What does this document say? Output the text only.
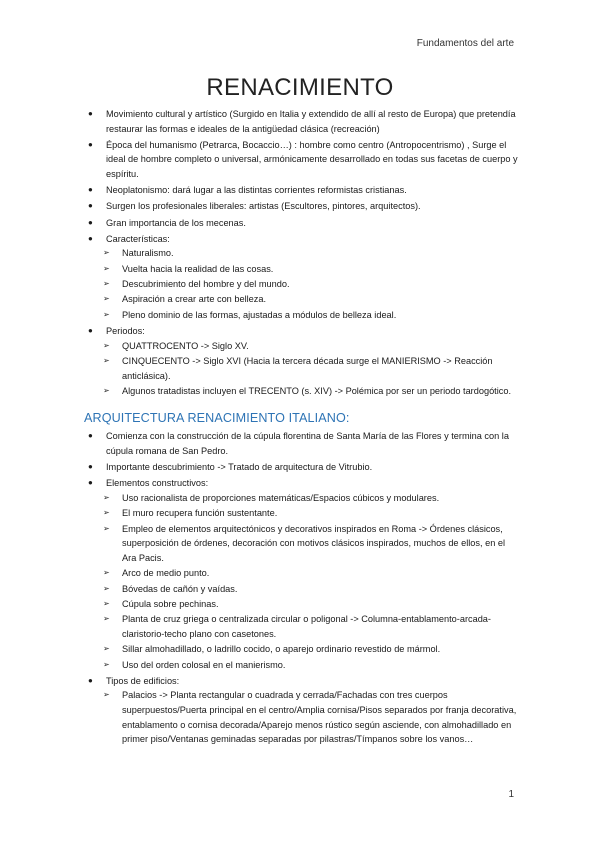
Fundamentos del arte
RENACIMIENTO
● Movimiento cultural y artístico (Surgido en Italia y extendido de allí al resto de Europa) que pretendía restaurar las formas e ideales de la antigüedad clásica (recreación)
● Época del humanismo (Petrarca, Bocaccio…) : hombre como centro (Antropocentrismo) , Surge el ideal de hombre completo o universal, armónicamente desarrollado en todas sus facetas de cuerpo y espíritu.
● Neoplatonismo: dará lugar a las distintas corrientes reformistas cristianas.
● Surgen los profesionales liberales: artistas (Escultores, pintores, arquitectos).
● Gran importancia de los mecenas.
● Características:
➢ Naturalismo.
➢ Vuelta hacia la realidad de las cosas.
➢ Descubrimiento del hombre y del mundo.
➢ Aspiración a crear arte con belleza.
➢ Pleno dominio de las formas, ajustadas a módulos de belleza ideal.
● Periodos:
➢ QUATTROCENTO -> Siglo XV.
➢ CINQUECENTO -> Siglo XVI (Hacia la tercera década surge el MANIERISMO -> Reacción anticlásica).
➢ Algunos tratadistas incluyen el TRECENTO (s. XIV) -> Polémica por ser un periodo tardogótico.
ARQUITECTURA RENACIMIENTO ITALIANO:
● Comienza con la construcción de la cúpula florentina de Santa María de las Flores y termina con la cúpula romana de San Pedro.
● Importante descubrimiento -> Tratado de arquitectura de Vitrubio.
● Elementos constructivos:
➢ Uso racionalista de proporciones matemáticas/Espacios cúbicos y modulares.
➢ El muro recupera función sustentante.
➢ Empleo de elementos arquitectónicos y decorativos inspirados en Roma -> Órdenes clásicos, superposición de órdenes, decoración con motivos clásicos inspirados, muchos de ellos, en el Ara Pacis.
➢ Arco de medio punto.
➢ Bóvedas de cañón y vaídas.
➢ Cúpula sobre pechinas.
➢ Planta de cruz griega o centralizada circular o poligonal -> Columna-entablamento-arcada-claristorio-techo plano con casetones.
➢ Sillar almohadillado, o ladrillo cocido, o aparejo ordinario revestido de mármol.
➢ Uso del orden colosal en el manierismo.
● Tipos de edificios:
➢ Palacios -> Planta rectangular o cuadrada y cerrada/Fachadas con tres cuerpos superpuestos/Puerta principal en el centro/Amplia cornisa/Pisos separados por franja decorativa, entablamento o cornisa decorada/Aparejo menos rústico según asciende, con almohadillado en primer piso/Ventanas geminadas separadas por pilastras/Tímpanos sobre los vanos…
1
